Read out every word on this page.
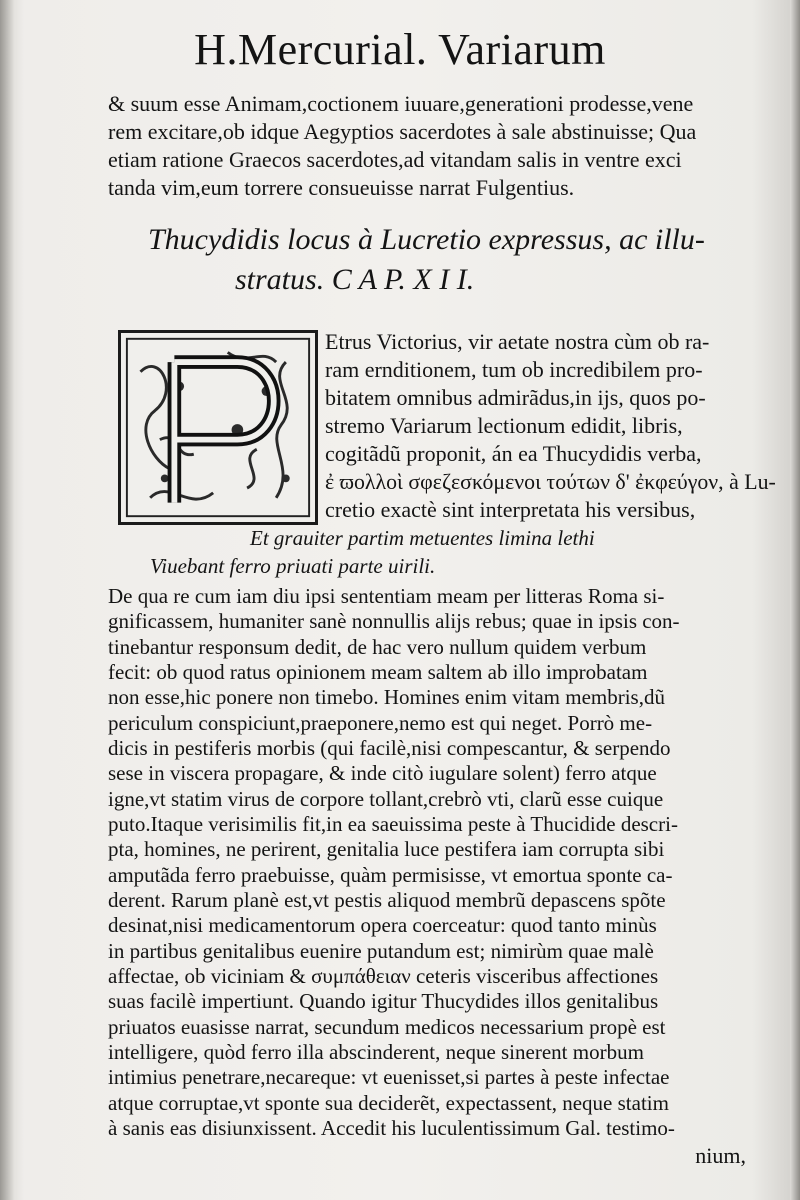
H.Mercurial. Variarum
& suum esse Animam,coctionem iuuare,generationi prodesse,vene
rem excitare,ob idque Aegyptios sacerdotes à sale abstinuisse; Qua
etiam ratione Graecos sacerdotes,ad vitandam salis in ventre exci
tanda vim,eum torrere consueuisse narrat Fulgentius.
Thucydidis locus à Lucretio expressus, ac illu-
stratus. C A P. X I I.
Etrus Victorius, vir aetate nostra cùm ob ra-
ram ernditionem, tum ob incredibilem pro-
bitatem omnibus admirãdus,in ijs, quos po-
stremo Variarum lectionum edidit, libris,
cogitãdũ proponit, án ea Thucydidis verba,
ἐ ϖολλοὶ σφεζεσκόμενοι τούτων δ' ἐκφεύγον, à Lu-
cretio exactè sint interpretata his versibus,
Et grauiter partim metuentes limina lethi
Viuebant ferro priuati parte uirili.
De qua re cum iam diu ipsi sententiam meam per litteras Roma si-
gnificassem, humaniter sanè nonnullis alijs rebus; quae in ipsis con-
tinebantur responsum dedit, de hac vero nullum quidem verbum
fecit: ob quod ratus opinionem meam saltem ab illo improbatam
non esse,hic ponere non timebo. Homines enim vitam membris,dũ
periculum conspiciunt,praeponere,nemo est qui neget. Porrò me-
dicis in pestiferis morbis (qui facilè,nisi compescantur, & serpendo
sese in viscera propagare, & inde citò iugulare solent) ferro atque
igne,vt statim virus de corpore tollant,crebrò vti, clarũ esse cuique
puto.Itaque verisimilis fit,in ea saeuissima peste à Thucidide descri-
pta, homines, ne perirent, genitalia luce pestifera iam corrupta sibi
amputãda ferro praebuisse, quàm permisisse, vt emortua sponte ca-
derent. Rarum planè est,vt pestis aliquod membrũ depascens spõte
desinat,nisi medicamentorum opera coerceatur: quod tanto minùs
in partibus genitalibus euenire putandum est; nimirùm quae malè
affectae, ob viciniam & συμπάθειαν ceteris visceribus affectiones
suas facilè impertiunt. Quando igitur Thucydides illos genitalibus
priuatos euasisse narrat, secundum medicos necessarium propè est
intelligere, quòd ferro illa abscinderent, neque sinerent morbum
intimius penetrare,necareque: vt euenisset,si partes à peste infectae
atque corruptae,vt sponte sua deciderẽt, expectassent, neque statim
à sanis eas disiunxissent. Accedit his luculentissimum Gal. testimo-
nium,
